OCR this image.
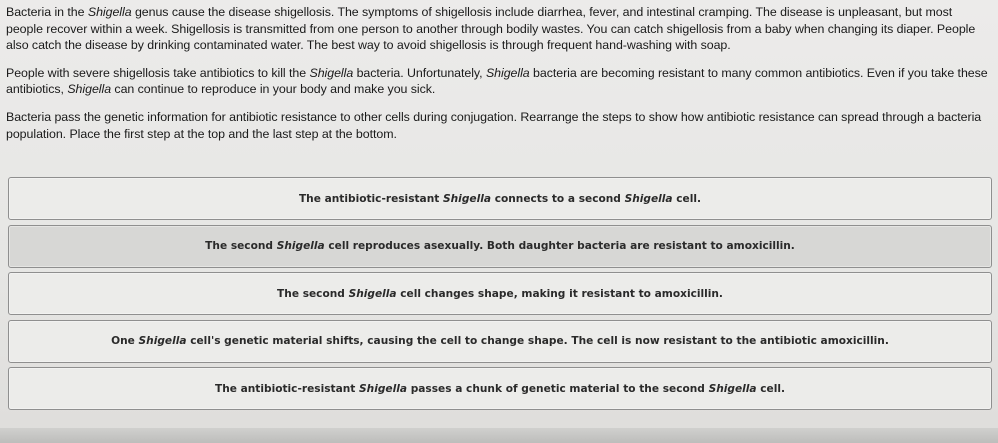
Bacteria in the Shigella genus cause the disease shigellosis. The symptoms of shigellosis include diarrhea, fever, and intestinal cramping. The disease is unpleasant, but most people recover within a week. Shigellosis is transmitted from one person to another through bodily wastes. You can catch shigellosis from a baby when changing its diaper. People also catch the disease by drinking contaminated water. The best way to avoid shigellosis is through frequent hand-washing with soap.

People with severe shigellosis take antibiotics to kill the Shigella bacteria. Unfortunately, Shigella bacteria are becoming resistant to many common antibiotics. Even if you take these antibiotics, Shigella can continue to reproduce in your body and make you sick.

Bacteria pass the genetic information for antibiotic resistance to other cells during conjugation. Rearrange the steps to show how antibiotic resistance can spread through a bacteria population. Place the first step at the top and the last step at the bottom.

The antibiotic-resistant Shigella connects to a second Shigella cell.
The second Shigella cell reproduces asexually. Both daughter bacteria are resistant to amoxicillin.
The second Shigella cell changes shape, making it resistant to amoxicillin.
One Shigella cell's genetic material shifts, causing the cell to change shape. The cell is now resistant to the antibiotic amoxicillin.
The antibiotic-resistant Shigella passes a chunk of genetic material to the second Shigella cell.
